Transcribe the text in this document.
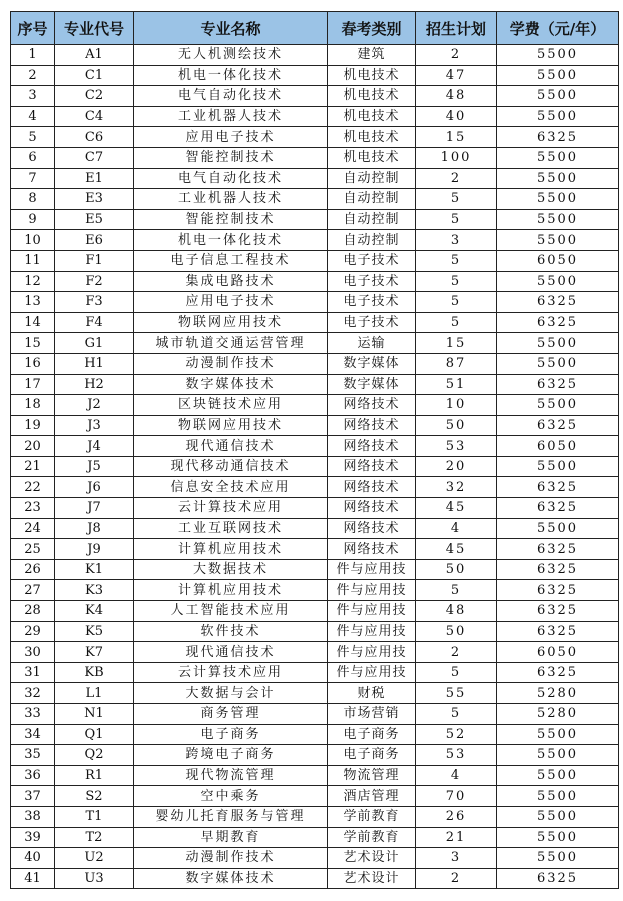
序号	专业代号	专业名称	春考类别	招生计划	学费（元/年）
1	A1	无人机测绘技术	建筑	2	5500
2	C1	机电一体化技术	机电技术	47	5500
3	C2	电气自动化技术	机电技术	48	5500
4	C4	工业机器人技术	机电技术	40	5500
5	C6	应用电子技术	机电技术	15	6325
6	C7	智能控制技术	机电技术	100	5500
7	E1	电气自动化技术	自动控制	2	5500
8	E3	工业机器人技术	自动控制	5	5500
9	E5	智能控制技术	自动控制	5	5500
10	E6	机电一体化技术	自动控制	3	5500
11	F1	电子信息工程技术	电子技术	5	6050
12	F2	集成电路技术	电子技术	5	5500
13	F3	应用电子技术	电子技术	5	6325
14	F4	物联网应用技术	电子技术	5	6325
15	G1	城市轨道交通运营管理	运输	15	5500
16	H1	动漫制作技术	数字媒体	87	5500
17	H2	数字媒体技术	数字媒体	51	6325
18	J2	区块链技术应用	网络技术	10	5500
19	J3	物联网应用技术	网络技术	50	6325
20	J4	现代通信技术	网络技术	53	6050
21	J5	现代移动通信技术	网络技术	20	5500
22	J6	信息安全技术应用	网络技术	32	6325
23	J7	云计算技术应用	网络技术	45	6325
24	J8	工业互联网技术	网络技术	4	5500
25	J9	计算机应用技术	网络技术	45	6325
26	K1	大数据技术	件与应用技	50	6325
27	K3	计算机应用技术	件与应用技	5	6325
28	K4	人工智能技术应用	件与应用技	48	6325
29	K5	软件技术	件与应用技	50	6325
30	K7	现代通信技术	件与应用技	2	6050
31	KB	云计算技术应用	件与应用技	5	6325
32	L1	大数据与会计	财税	55	5280
33	N1	商务管理	市场营销	5	5280
34	Q1	电子商务	电子商务	52	5500
35	Q2	跨境电子商务	电子商务	53	5500
36	R1	现代物流管理	物流管理	4	5500
37	S2	空中乘务	酒店管理	70	5500
38	T1	婴幼儿托育服务与管理	学前教育	26	5500
39	T2	早期教育	学前教育	21	5500
40	U2	动漫制作技术	艺术设计	3	5500
41	U3	数字媒体技术	艺术设计	2	6325
